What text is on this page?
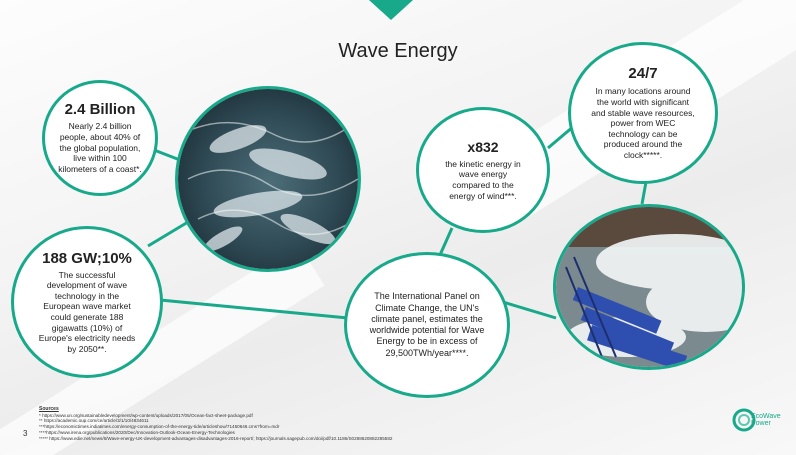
Wave Energy
2.4 Billion
Nearly 2.4 billion people, about 40% of the global population, live within 100 kilometers of a coast*.
188 GW;10%
The successful development of wave technology in the European wave market could generate 188 gigawatts (10%) of Europe's electricity needs by 2050**.
x832
the kinetic energy in wave energy compared to the energy of wind***.
24/7
In many locations around the world with significant and stable wave resources, power from WEC technology can be produced around the clock*****.
The International Panel on Climate Change, the UN's climate panel, estimates the worldwide potential for Wave Energy to be in excess of 29,500TWh/year****.
Sources
* https://www.un.org/sustainabledevelopment/wp-content/uploads/2017/05/Ocean-fact-sheet-package.pdf
** https://academic.oup.com/ce/article/3/1/10/4834611
***https://economictimes.indiatimes.com/energy-consumption-of-the-energy-tide/articleshow/71450646.cms?from=mdr
****https://www.irena.org/publications/2020/Dec/Innovation-Outlook-Ocean-Energy-Technologies
***** https://www.edie.net/news/6/Wave-energy-UK-development-advantages-disadvantages-2016-report/; https://journals.sagepub.com/doi/pdf/10.1186/S0288620882285582
3
EcoWave
Power
